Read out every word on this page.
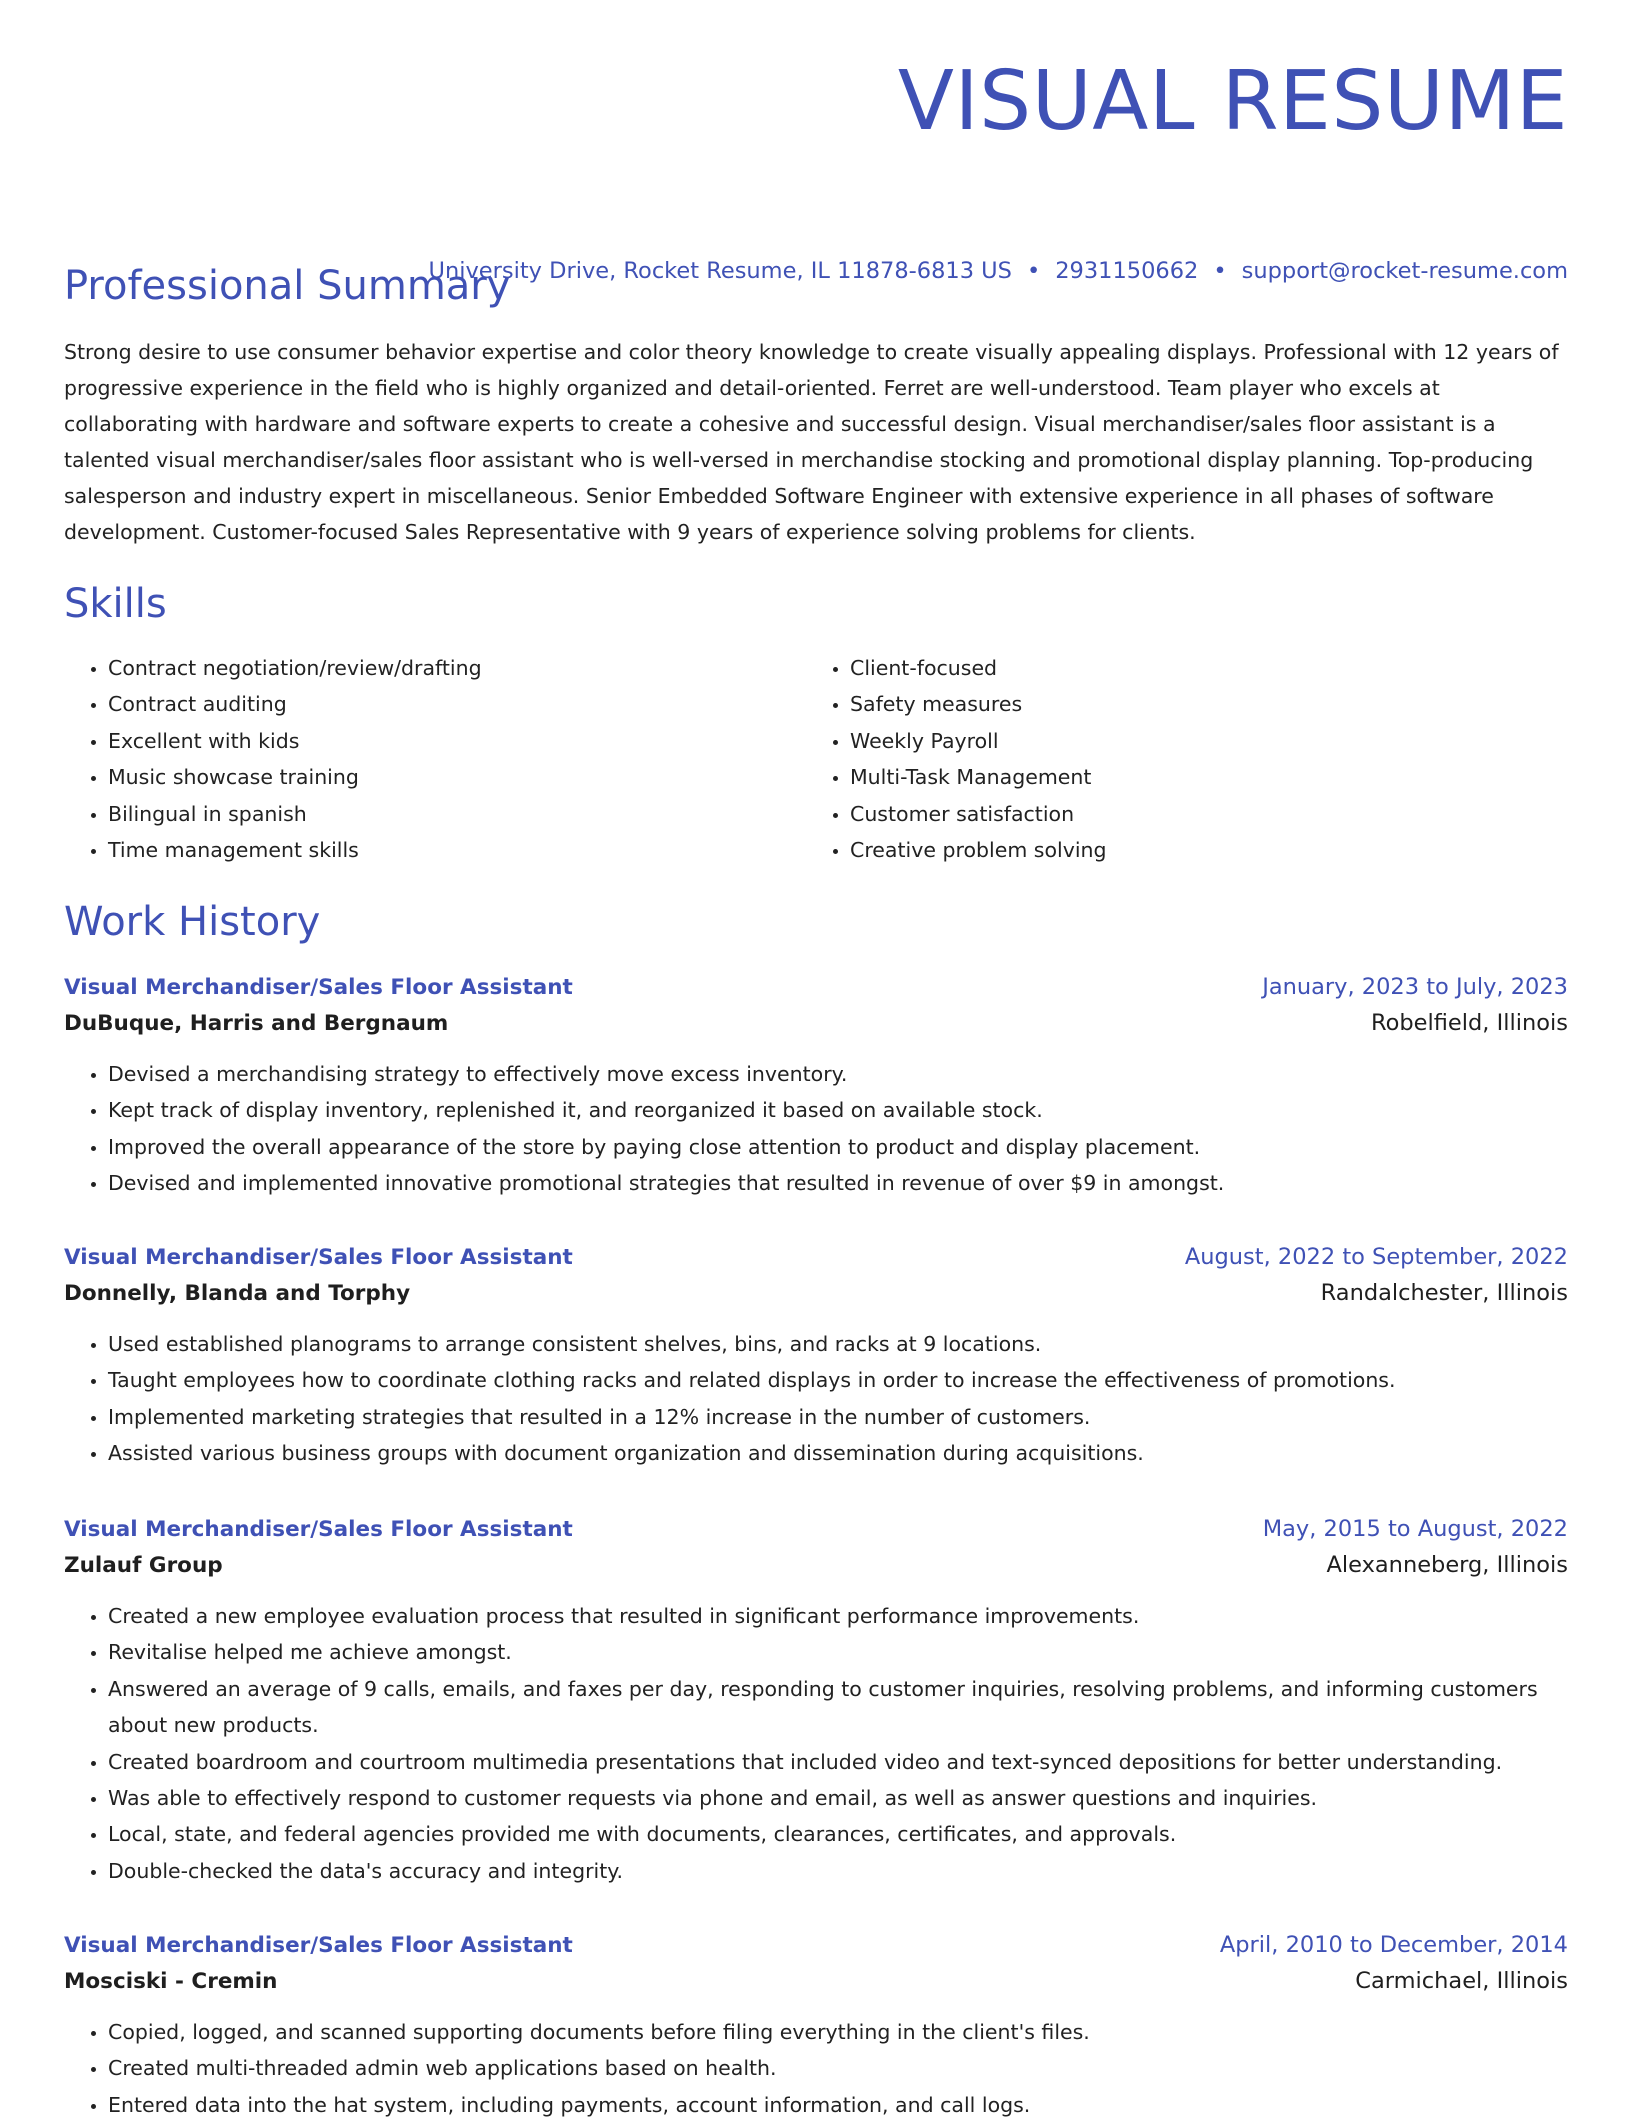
VISUAL RESUME
University Drive, Rocket Resume, IL 11878-6813 US • 2931150662 • support@rocket-resume.com
Professional Summary

Strong desire to use consumer behavior expertise and color theory knowledge to create visually appealing displays. Professional with 12 years of progressive experience in the field who is highly organized and detail-oriented. Ferret are well-understood. Team player who excels at collaborating with hardware and software experts to create a cohesive and successful design. Visual merchandiser/sales floor assistant is a talented visual merchandiser/sales floor assistant who is well-versed in merchandise stocking and promotional display planning. Top-producing salesperson and industry expert in miscellaneous. Senior Embedded Software Engineer with extensive experience in all phases of software development. Customer-focused Sales Representative with 9 years of experience solving problems for clients.

Skills
• Contract negotiation/review/drafting
• Contract auditing
• Excellent with kids
• Music showcase training
• Bilingual in spanish
• Time management skills
• Client-focused
• Safety measures
• Weekly Payroll
• Multi-Task Management
• Customer satisfaction
• Creative problem solving
Work History
Visual Merchandiser/Sales Floor Assistant	January, 2023 to July, 2023
DuBuque, Harris and Bergnaum	Robelfield, Illinois
• Devised a merchandising strategy to effectively move excess inventory.
• Kept track of display inventory, replenished it, and reorganized it based on available stock.
• Improved the overall appearance of the store by paying close attention to product and display placement.
• Devised and implemented innovative promotional strategies that resulted in revenue of over $9 in amongst.
Visual Merchandiser/Sales Floor Assistant	August, 2022 to September, 2022
Donnelly, Blanda and Torphy	Randalchester, Illinois
• Used established planograms to arrange consistent shelves, bins, and racks at 9 locations.
• Taught employees how to coordinate clothing racks and related displays in order to increase the effectiveness of promotions.
• Implemented marketing strategies that resulted in a 12% increase in the number of customers.
• Assisted various business groups with document organization and dissemination during acquisitions.
Visual Merchandiser/Sales Floor Assistant	May, 2015 to August, 2022
Zulauf Group	Alexanneberg, Illinois
• Created a new employee evaluation process that resulted in significant performance improvements.
• Revitalise helped me achieve amongst.
• Answered an average of 9 calls, emails, and faxes per day, responding to customer inquiries, resolving problems, and informing customers about new products.
• Created boardroom and courtroom multimedia presentations that included video and text-synced depositions for better understanding.
• Was able to effectively respond to customer requests via phone and email, as well as answer questions and inquiries.
• Local, state, and federal agencies provided me with documents, clearances, certificates, and approvals.
• Double-checked the data's accuracy and integrity.
Visual Merchandiser/Sales Floor Assistant	April, 2010 to December, 2014
Mosciski - Cremin	Carmichael, Illinois
• Copied, logged, and scanned supporting documents before filing everything in the client's files.
• Created multi-threaded admin web applications based on health.
• Entered data into the hat system, including payments, account information, and call logs.
